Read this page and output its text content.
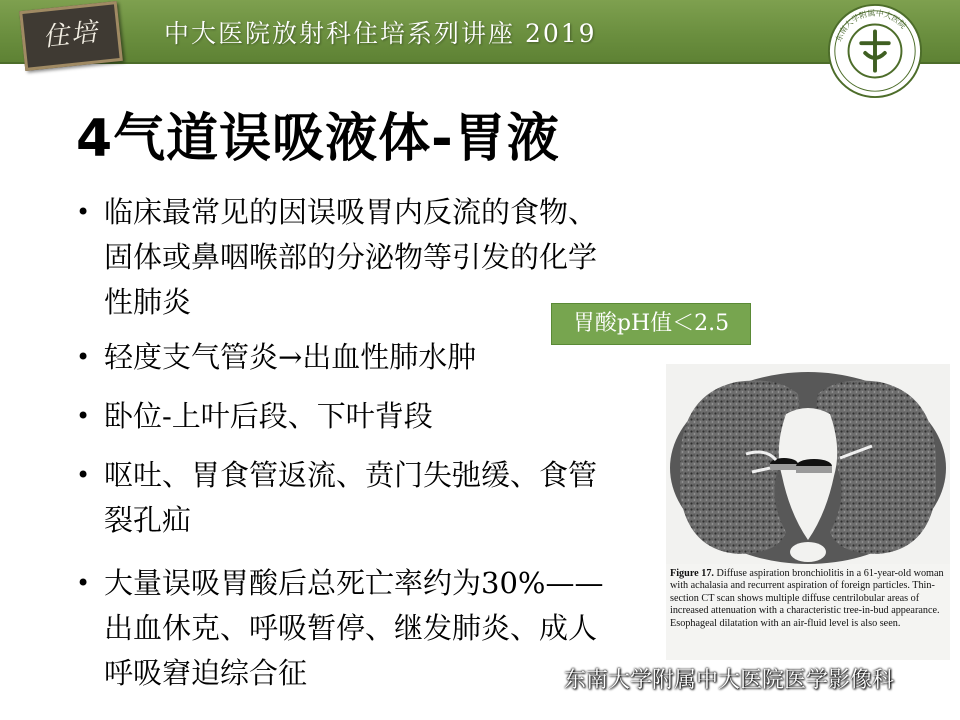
住培	中大医院放射科住培系列讲座 2019	东南大学附属中大医院
4气道误吸液体-胃液
• 临床最常见的因误吸胃内反流的食物、
固体或鼻咽喉部的分泌物等引发的化学
性肺炎
• 轻度支气管炎→出血性肺水肿
• 卧位-上叶后段、下叶背段
• 呕吐、胃食管返流、贲门失弛缓、食管
裂孔疝
• 大量误吸胃酸后总死亡率约为30%——
出血休克、呼吸暂停、继发肺炎、成人
呼吸窘迫综合征
胃酸pH值＜2.5
Figure 17. Diffuse aspiration bronchiolitis in a 61-year-old woman with achalasia and recurrent aspiration of foreign particles. Thin-section CT scan shows multiple diffuse centrilobular areas of increased attenuation with a characteristic tree-in-bud appearance. Esophageal dilatation with an air-fluid level is also seen.
东南大学附属中大医院医学影像科
